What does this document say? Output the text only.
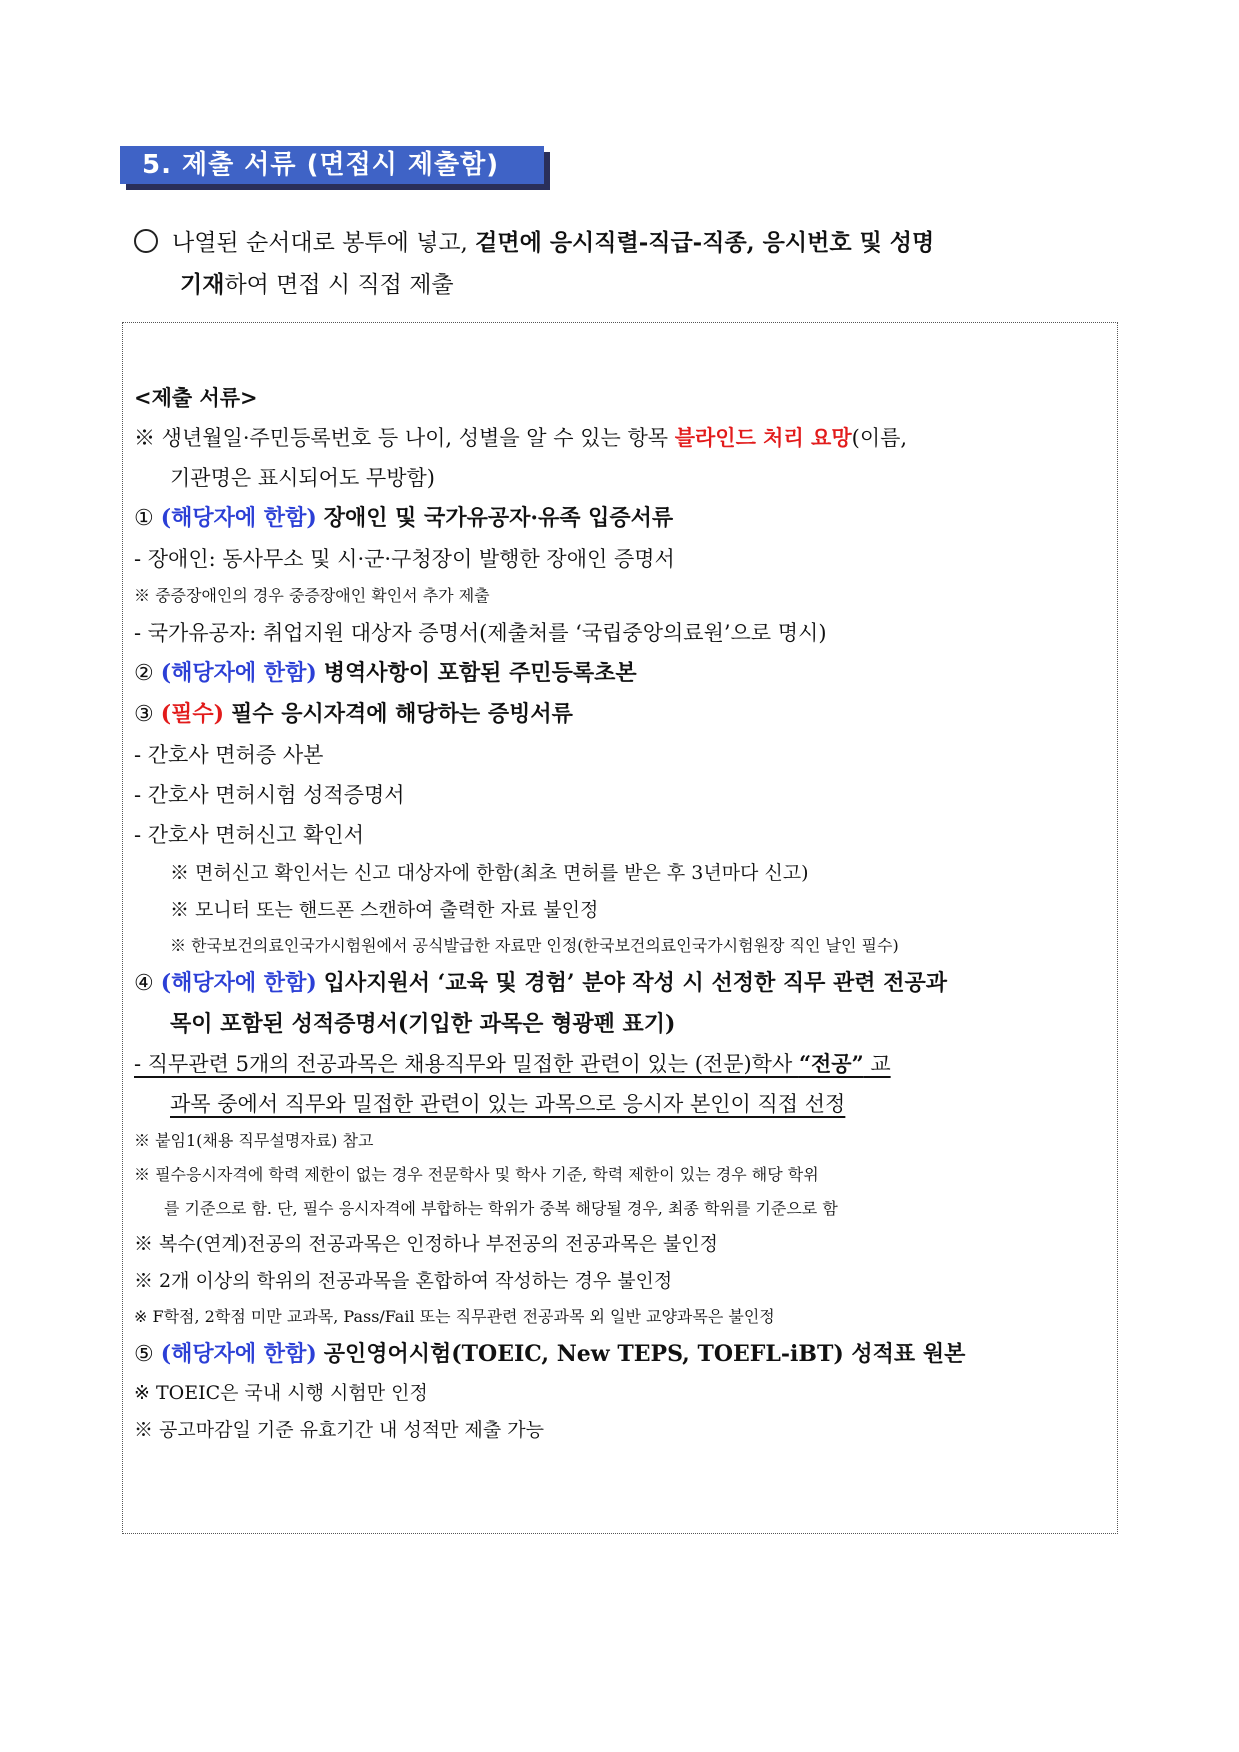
5. 제출 서류 (면접시 제출함)
나열된 순서대로 봉투에 넣고, 겉면에 응시직렬-직급-직종, 응시번호 및 성명
기재하여 면접 시 직접 제출
<제출 서류>
※ 생년월일·주민등록번호 등 나이, 성별을 알 수 있는 항목 블라인드 처리 요망(이름,
기관명은 표시되어도 무방함)
① (해당자에 한함) 장애인 및 국가유공자·유족 입증서류
- 장애인: 동사무소 및 시·군·구청장이 발행한 장애인 증명서
※ 중증장애인의 경우 중증장애인 확인서 추가 제출
- 국가유공자: 취업지원 대상자 증명서(제출처를 ‘국립중앙의료원’으로 명시)
② (해당자에 한함) 병역사항이 포함된 주민등록초본
③ (필수) 필수 응시자격에 해당하는 증빙서류
- 간호사 면허증 사본
- 간호사 면허시험 성적증명서
- 간호사 면허신고 확인서
※ 면허신고 확인서는 신고 대상자에 한함(최초 면허를 받은 후 3년마다 신고)
※ 모니터 또는 핸드폰 스캔하여 출력한 자료 불인정
※ 한국보건의료인국가시험원에서 공식발급한 자료만 인정(한국보건의료인국가시험원장 직인 날인 필수)
④ (해당자에 한함) 입사지원서 ‘교육 및 경험’ 분야 작성 시 선정한 직무 관련 전공과
목이 포함된 성적증명서(기입한 과목은 형광펜 표기)
- 직무관련 5개의 전공과목은 채용직무와 밀접한 관련이 있는 (전문)학사 “전공” 교
과목 중에서 직무와 밀접한 관련이 있는 과목으로 응시자 본인이 직접 선정
※ 붙임1(채용 직무설명자료) 참고
※ 필수응시자격에 학력 제한이 없는 경우 전문학사 및 학사 기준, 학력 제한이 있는 경우 해당 학위
를 기준으로 함. 단, 필수 응시자격에 부합하는 학위가 중복 해당될 경우, 최종 학위를 기준으로 함
※ 복수(연계)전공의 전공과목은 인정하나 부전공의 전공과목은 불인정
※ 2개 이상의 학위의 전공과목을 혼합하여 작성하는 경우 불인정
※ F학점, 2학점 미만 교과목, Pass/Fail 또는 직무관련 전공과목 외 일반 교양과목은 불인정
⑤ (해당자에 한함) 공인영어시험(TOEIC, New TEPS, TOEFL-iBT) 성적표 원본
※ TOEIC은 국내 시행 시험만 인정
※ 공고마감일 기준 유효기간 내 성적만 제출 가능
